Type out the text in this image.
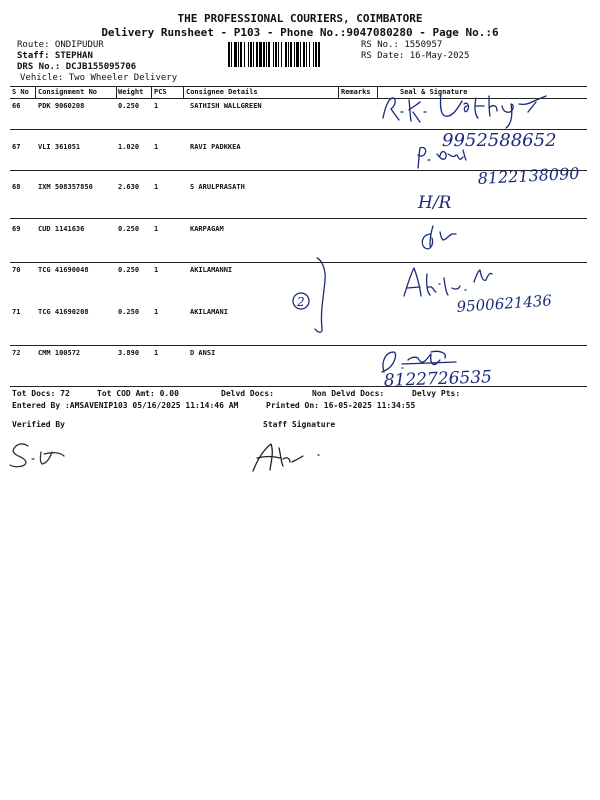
THE PROFESSIONAL COURIERS, COIMBATORE
Delivery Runsheet - P103 - Phone No.:9047080280 - Page No.:6
Route: ONDIPUDUR
Staff: STEPHAN
DRS No.: DCJB155095706
Vehicle: Two Wheeler Delivery
RS No.: 1550957
RS Date: 16-May-2025
S No Consignment No	Weight PCS	Consignee Details	Remarks	Seal & Signature
66	PDK 9060208	0.250 1	SATHISH WALLGREEN
67	VLI 361051	1.020 1	RAVI PADKKEA
68	IXM 508357850	2.630 1	S ARULPRASATH
69	CUD 1141636	0.250 1	KARPAGAM
70	TCG 41690048	0.250 1	AKILAMANNI
71	TCG 41690208	0.250 1	AKILAMANI
72	CMM 100572	3.890 1	D ANSI
Tot Docs: 72	Tot COD Amt: 0.00	Delvd Docs:	Non Delvd Docs:	Delvy Pts:
Entered By :AMSAVENIP103 05/16/2025 11:14:46 AM	Printed On: 16-05-2025 11:34:55
Verified By	Staff Signature
9952588652
8122138090
H/R
2	9500621436
8122726535
